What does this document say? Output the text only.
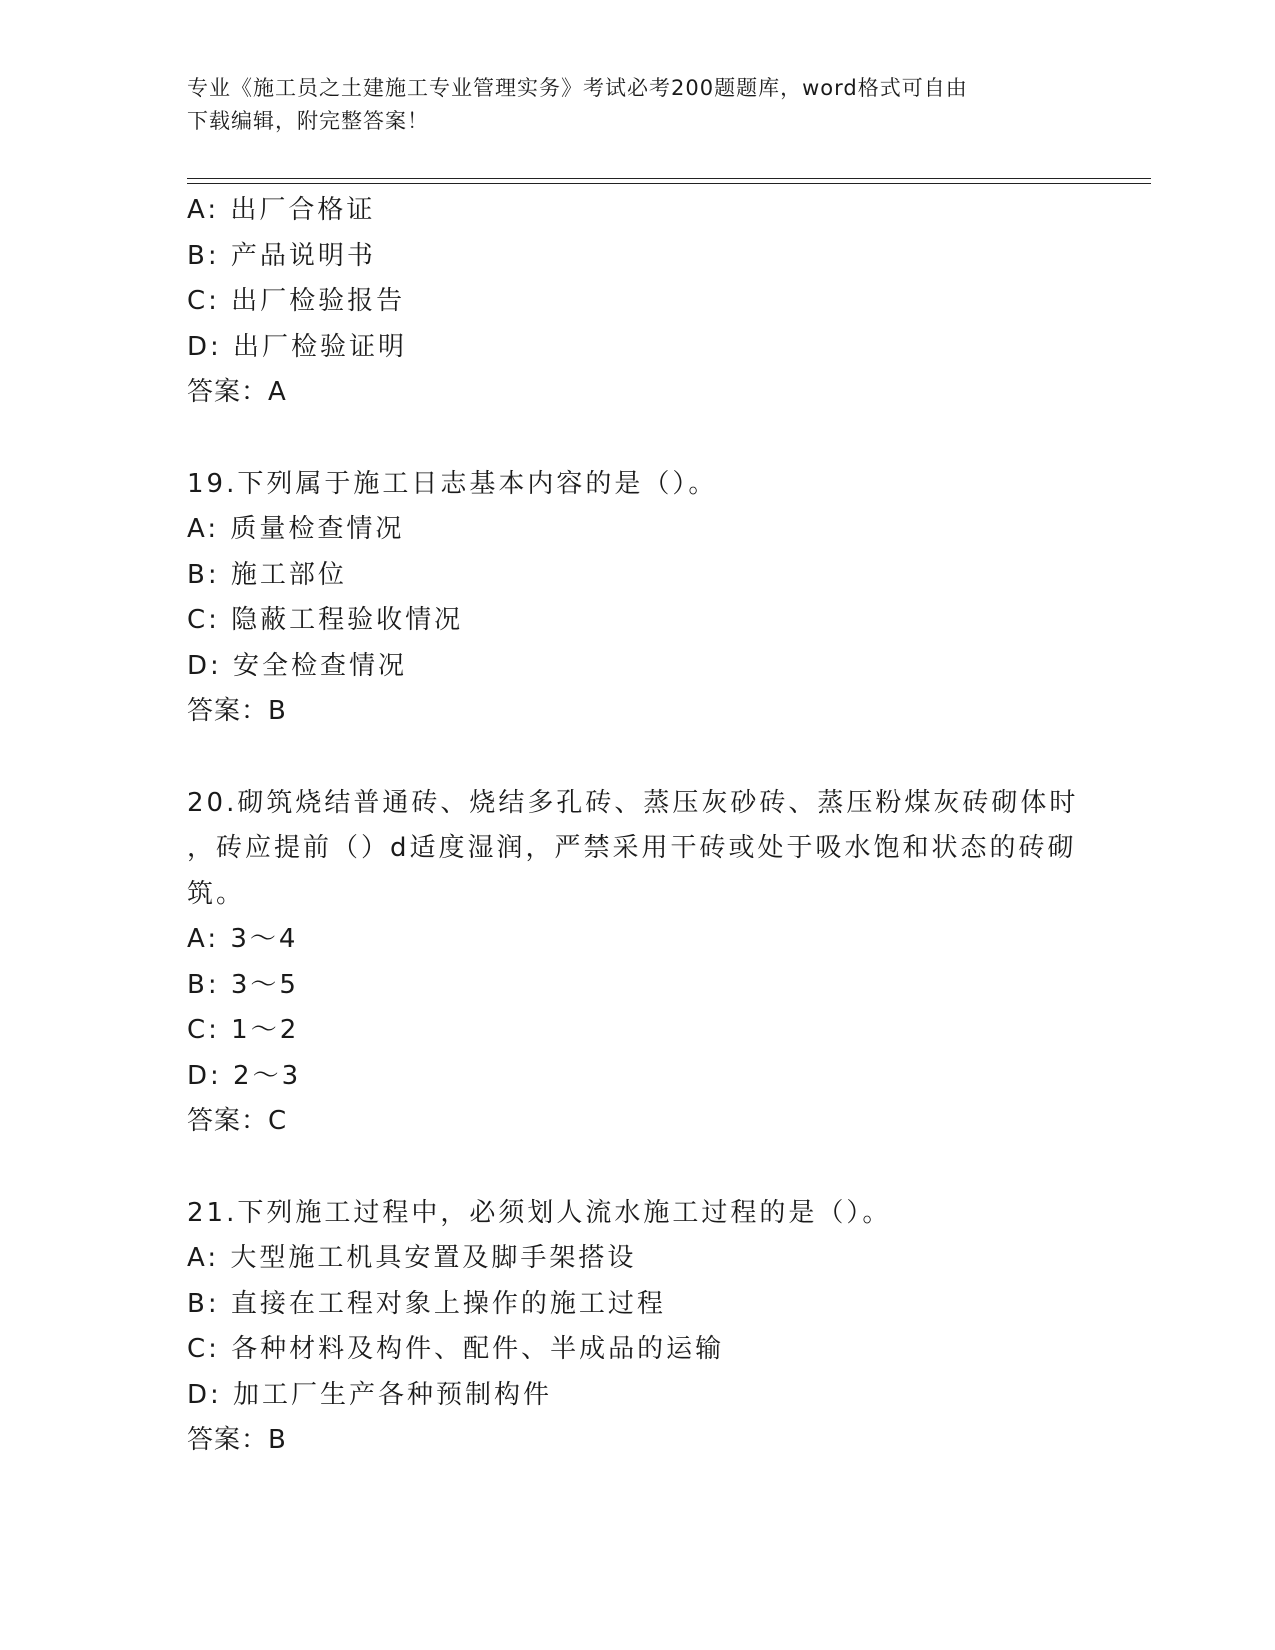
专业《施工员之土建施工专业管理实务》考试必考200题题库，word格式可自由
下载编辑，附完整答案！
A: 出厂合格证
B: 产品说明书
C: 出厂检验报告
D: 出厂检验证明
答案：A
19.下列属于施工日志基本内容的是（）。
A: 质量检查情况
B: 施工部位
C: 隐蔽工程验收情况
D: 安全检查情况
答案：B
20.砌筑烧结普通砖、烧结多孔砖、蒸压灰砂砖、蒸压粉煤灰砖砌体时
，砖应提前（）d适度湿润，严禁采用干砖或处于吸水饱和状态的砖砌
筑。
A: 3～4
B: 3～5
C: 1～2
D: 2～3
答案：C
21.下列施工过程中，必须划人流水施工过程的是（）。
A: 大型施工机具安置及脚手架搭设
B: 直接在工程对象上操作的施工过程
C: 各种材料及构件、配件、半成品的运输
D: 加工厂生产各种预制构件
答案：B
